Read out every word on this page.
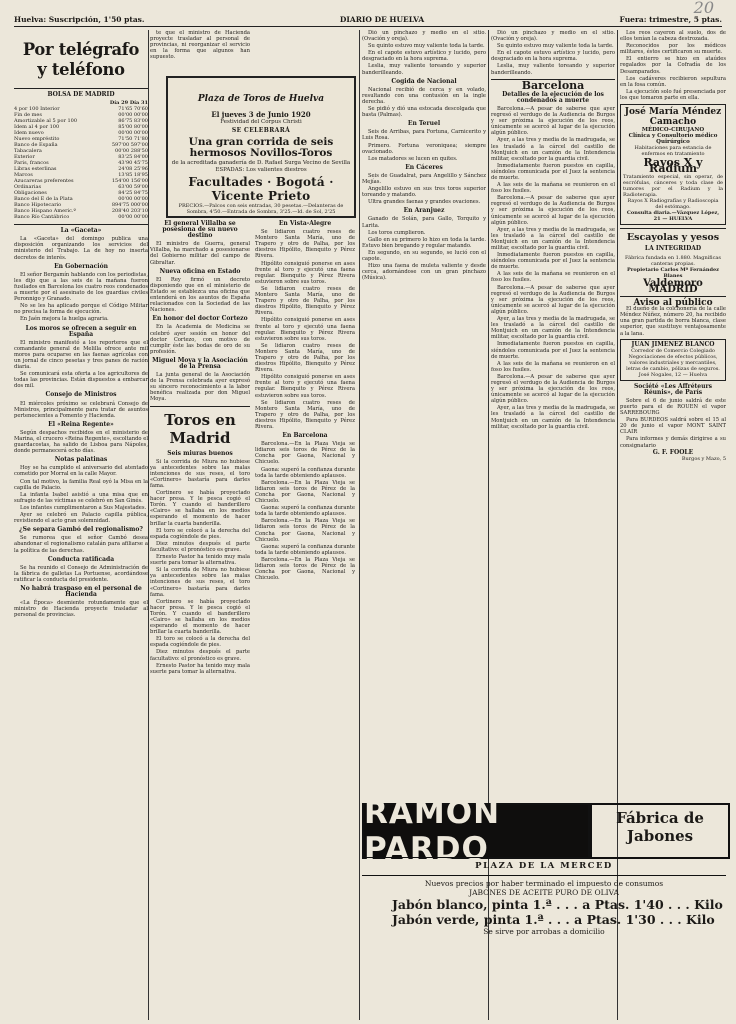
Huelva: Suscripción, 1'50 ptas.	DIARIO DE HUELVA	Fuera: trimestre, 5 ptas.
20
Por telégrafo y teléfono
BOLSA DE MADRID
Día 29 Día 31
4 por 100 Interior	71'65 70'60
Fin de mes	00'00 00'00
Amortizable al 5 por 100	86'75 83'00
Idem al 4 por 100	85'00 80'00
Idem nuevo	00'00 00'00
Nuevo empréstito	71'50 71'80
Banco de España	597'00 597'00
Tabacalera	00'00 288'50
Exterior	83'25 84'00
Paris, francos	43'90 45'75
Libras esterlinas	24'08 25'96
Marcos	13'85 18'95
Azucareras preferentes	154'00 156'00
Ordinarias	63'00 59'00
Obligaciones	84'25 84'75
Banco del E de la Plata	00'00 00'00
Banco Hipotecario	894'75 000'00
Banco Hispano Americ.º	208'40 203'10
Banco Río Cantábrico	00'00 00'00
La «Gaceta»

La «Gaceta» del domingo publica una disposición organizando los servicios del ministerio del Trabajo. La de hoy no inserta decretos de interés.

En Gobernación

El señor Bergamín hablando con los periodistas, les dijo que a las seis de la mañana fueron fusilados en Barcelona los cuatro reos condenados a muerte por el asesinato de los guardias civiles Peronnigo y Granado.

No se les ha aplicado porque el Código Militar no precisa la forma de ejecución.

En Jaén mejora la huelga agraria.

Los moros se ofrecen a seguir en España

El ministro manifestó a los reporteros que el comandante general de Melilla ofrece ante mil moros para ocuparse en las faenas agrícolas con un jornal de cinco pesetas y tres panes de ración diaria.

Se comunicará esta oferta a los agricultores de todas las provincias. Están dispuestos a embarcar dos mil.

Consejo de Ministros

El miércoles próximo se celebrará Consejo de Ministros, principalmente para tratar de asuntos pertenecientes a Fomento y Hacienda.

El «Reina Regente»

Según despachos recibidos en el ministerio de Marina, el crucero «Reina Regente», escoltando el guardacostas, ha salido de Lisboa para Nápoles, donde permanecerá ocho días.

Notas palatinas

Hoy se ha cumplido el aniversario del atentado cometido por Morral en la calle Mayor.

Con tal motivo, la familia Real oyó la Misa en la capilla de Palacio.

La infanta Isabel asistió a una misa que en sufragio de las víctimas se celebró en San Ginés.

Los infantes cumplimentaron a Sus Majestades.

Ayer se celebró en Palacio capilla pública, revistiendo el acto gran solemnidad.

¿Se separa Gambó del regionalismo?

Se rumorea que el señor Cambó desea abandonar el regionalismo catalán para afiliarse a la política de las derechas.

Conducta ratificada

Se ha reunido el Consejo de Administración de la fábrica de galletas La Portuense, acordándose ratificar la conducta del presidente.

No habrá traspaso en el personal de Hacienda

«La Época» desmiente rotundamente que el ministro de Hacienda proyecte trasladar al personal de provincias.

te que el ministro de Hacienda proyecte trasladar al personal de provincias, ni reorganizar el servicio en la forma que algunos han supuesto.

Plaza de Toros de Huelva
El jueves 3 de Junio 1920
Festividad del Corpus Christi
SE CELEBRARÁ
Una gran corrida de seis hermosos Novillos-Toros
de la acreditada ganadería de D. Rafael Surga Vecino de Sevilla
ESPADAS: Los valientes diestros
Facultades · Bogotá · Vicente Prieto
PRECIOS.—Palcos con seis entradas, 30 pesetas.—Delanteras de Sombra, 4'50.—Entrada de Sombra, 3'25.—Id. de Sol, 2'25
El general Villalba se posesiona de su nuevo destino

El ministro de Guerra, general Villalba, ha marchado a posesionarse del Gobierno militar del campo de Gibraltar.

Nueva oficina en Estado

El Rey firmó un decreto disponiendo que en el ministerio de Estado se establezca una oficina que entenderá en los asuntos de España relacionados con la Sociedad de las Naciones.

En honor del doctor Cortezo

En la Academia de Medicina se celebró ayer sesión en honor del doctor Cortezo, con motivo de cumplir éste las bodas de oro de su profesión.

Miguel Moya y la Asociación de la Prensa

La junta general de la Asociación de la Prensa celebrada ayer expresó su sincero reconocimiento a la labor benéfica realizada por don Miguel Moya.

Toros en Madrid
Seis miuras buenos

Si la corrida de Miura no hubiese ya antecedentes sobre las malas intenciones de sus reses, el toro «Cortinero» bastaría para darles fama.

Cortinero se había proyectado hacer presa. Y le pesca cogió el Torón. Y cuando el banderillero «Cairo» se hallaba en los medios esperando el momento de hacer brillar la cuarta banderilla.

El toro se colocó a la derecha del espada cogiéndole de pies.

Diez minutos después el parte facultativo: el pronóstico es grave.

Ernesto Pastor ha tenido muy mala suerte para tomar la alternativa.

Si la corrida de Miura no hubiese ya antecedentes sobre las malas intenciones de sus reses, el toro «Cortinero» bastaría para darles fama.

Cortinero se había proyectado hacer presa. Y le pesca cogió el Torón. Y cuando el banderillero «Cairo» se hallaba en los medios esperando el momento de hacer brillar la cuarta banderilla.

El toro se colocó a la derecha del espada cogiéndole de pies.

Diez minutos después el parte facultativo: el pronóstico es grave.

Ernesto Pastor ha tenido muy mala suerte para tomar la alternativa.

En Vista-Alegre

Se lidiaron cuatro reses de Montero Santa María, uno de Trapero y otro de Palha, por los diestros Hipólito, Bienquito y Pérez Rivera.

Hipólito consiguió ponerse en ases frente al toro y ejecutó una faena regular. Bienquito y Pérez Rivera estuvieron sobre sus toros.

Se lidiaron cuatro reses de Montero Santa María, uno de Trapero y otro de Palha, por los diestros Hipólito, Bienquito y Pérez Rivera.

Hipólito consiguió ponerse en ases frente al toro y ejecutó una faena regular. Bienquito y Pérez Rivera estuvieron sobre sus toros.

Se lidiaron cuatro reses de Montero Santa María, uno de Trapero y otro de Palha, por los diestros Hipólito, Bienquito y Pérez Rivera.

Hipólito consiguió ponerse en ases frente al toro y ejecutó una faena regular. Bienquito y Pérez Rivera estuvieron sobre sus toros.

Se lidiaron cuatro reses de Montero Santa María, uno de Trapero y otro de Palha, por los diestros Hipólito, Bienquito y Pérez Rivera.

En Barcelona

Barcelona.—En la Plaza Vieja se lidiaron seis toros de Pérez de la Concha por Gaona, Nacional y Chicuelo.

Gaona: superó la confianza durante toda la tarde obteniendo aplausos.

Barcelona.—En la Plaza Vieja se lidiaron seis toros de Pérez de la Concha por Gaona, Nacional y Chicuelo.

Gaona: superó la confianza durante toda la tarde obteniendo aplausos.

Barcelona.—En la Plaza Vieja se lidiaron seis toros de Pérez de la Concha por Gaona, Nacional y Chicuelo.

Gaona: superó la confianza durante toda la tarde obteniendo aplausos.

Barcelona.—En la Plaza Vieja se lidiaron seis toros de Pérez de la Concha por Gaona, Nacional y Chicuelo.

Dió un pinchazo y medio en el sitio. (Ovación y oreja).

Su quinto estuvo muy valiente toda la tarde.

En el capote estuvo artístico y lucido, pero desgraciado en la hora suprema.

Leslia, muy valiente toreando y superior banderilleando.

Cogida de Nacional

Nacional recibió de cerca y en volado, resultando con una contusión en la ingle derecha.

Se pidió y dió una estocada descolgada que basta (Palmas).

En Teruel

Seis de Arribas, para Fortuna, Carnicerito y Luis Rosa.

Primero. Fortuna veroniquea; siempre ovacionado.

Los matadores se lucen en quites.

En Cáceres

Seis de Guadalrat, para Angelillo y Sánchez Mejías.

Angelillo estuvo en sus tres toros superior toreando y matando.

Ultra grandes faenas y grandes ovaciones.

En Aranjuez

Ganado de Solán, para Gallo, Torquito y Larita.

Los toros cumplieron.

Gallo en su primero lo hizo en toda la tarde. Estuvo bien bregando y regular matando.

En segundo, en su segundo, se lució con el capote.

Hizo una faena de muleta valiente y desde cerca, adornándose con un gran pinchazo (Música).

Dió un pinchazo y medio en el sitio. (Ovación y oreja).

Su quinto estuvo muy valiente toda la tarde.

En el capote estuvo artístico y lucido, pero desgraciado en la hora suprema.

Leslia, muy valiente toreando y superior banderilleando.

Barcelona
Detalles de la ejecución de los condenados a muerte

Barcelona.—A pesar de saberse que ayer regresó el verdugo de la Audiencia de Burgos y ser próxima la ejecución de los reos, únicamente se acercó al lugar de la ejecución algún público.

Ayer, a las tres y media de la madrugada, se les trasladó a la cárcel del castillo de Montjuich en un camión de la Intendencia militar, escoltado por la guardia civil.

Inmediatamente fueron puestos en capilla, siéndoles comunicada por el Juez la sentencia de muerte.

A las seis de la mañana se reunieron en el foso los fusiles.

Barcelona.—A pesar de saberse que ayer regresó el verdugo de la Audiencia de Burgos y ser próxima la ejecución de los reos, únicamente se acercó al lugar de la ejecución algún público.

Ayer, a las tres y media de la madrugada, se les trasladó a la cárcel del castillo de Montjuich en un camión de la Intendencia militar, escoltado por la guardia civil.

Inmediatamente fueron puestos en capilla, siéndoles comunicada por el Juez la sentencia de muerte.

A las seis de la mañana se reunieron en el foso los fusiles.

Barcelona.—A pesar de saberse que ayer regresó el verdugo de la Audiencia de Burgos y ser próxima la ejecución de los reos, únicamente se acercó al lugar de la ejecución algún público.

Ayer, a las tres y media de la madrugada, se les trasladó a la cárcel del castillo de Montjuich en un camión de la Intendencia militar, escoltado por la guardia civil.

Inmediatamente fueron puestos en capilla, siéndoles comunicada por el Juez la sentencia de muerte.

A las seis de la mañana se reunieron en el foso los fusiles.

Barcelona.—A pesar de saberse que ayer regresó el verdugo de la Audiencia de Burgos y ser próxima la ejecución de los reos, únicamente se acercó al lugar de la ejecución algún público.

Ayer, a las tres y media de la madrugada, se les trasladó a la cárcel del castillo de Montjuich en un camión de la Intendencia militar, escoltado por la guardia civil.

Los reos cayeron al suelo, dos de ellos tenían la cabeza destrozada.

Reconocidos por los médicos militares, éstos certificaron su muerte.

El entierro se hizo en ataúdes regalados por la Cofradía de los Desamparados.

Los cadáveres recibieron sepultura en la fosa común.

La ejecución solo fué presenciada por los que tomaron parte en ella.

José María Méndez Camacho
MÉDICO-CIRUJANO
Clínica y Consultorio médico Quirúrgico
Habitaciones para estancia de enfermos en tratamiento
Rayos X y Radium
Tratamiento especial, sin operar, de escrófulas, cánceres y toda clase de tumores por el Radium y la Radioterapia.
Rayos X Radiografías y Radioscopia del estómago.
Consulta diaria.—Vázquez López, 21 — HUELVA
Escayolas y yesos
LA INTEGRIDAD
Fábrica fundada en 1.880. Magníficas canteras propias.
Propietario Carlos Mª Fernández Blanes
Valdemoro MADRID
Aviso al público

El dueño de la colchonería de la calle Méndez Núñez, número 20, ha recibido una gran partida de borra blanca, clase superior, que sustituye ventajosamente a la lana.

JUAN JIMENEZ BLANCO
Corredor de Comercio Colegiado
Negociaciones de efectos públicos, valores industriales y mercantiles, letras de cambio, pólizas de seguros.
José Nogales, 12 — Huelva
Société «Les Affréteurs Réunis», de París

Sobre el 6 de junio saldrá de este puerto para el de ROUEN el vapor SARREBOURG

Para BURDEOS saldrá sobre el 15 al 20 de junio el vapor MONT SAINT CLAIR

Para informes y demás dirigirse a su consignatario

G. F. FOOLE
Burgos y Mazo, 5
RAMON PARDO
Fábrica de Jabones
PLAZA DE LA MERCED
Nuevos precios por haber terminado el impuesto de consumos
JABONES DE ACEITE PURO DE OLIVA
Jabón blanco, pinta 1.ª . . . a Ptas. 1'40 . . . Kilo
Jabón verde, pinta 1.ª . . . a Ptas. 1'30 . . . Kilo
Se sirve por arrobas a domicilio
